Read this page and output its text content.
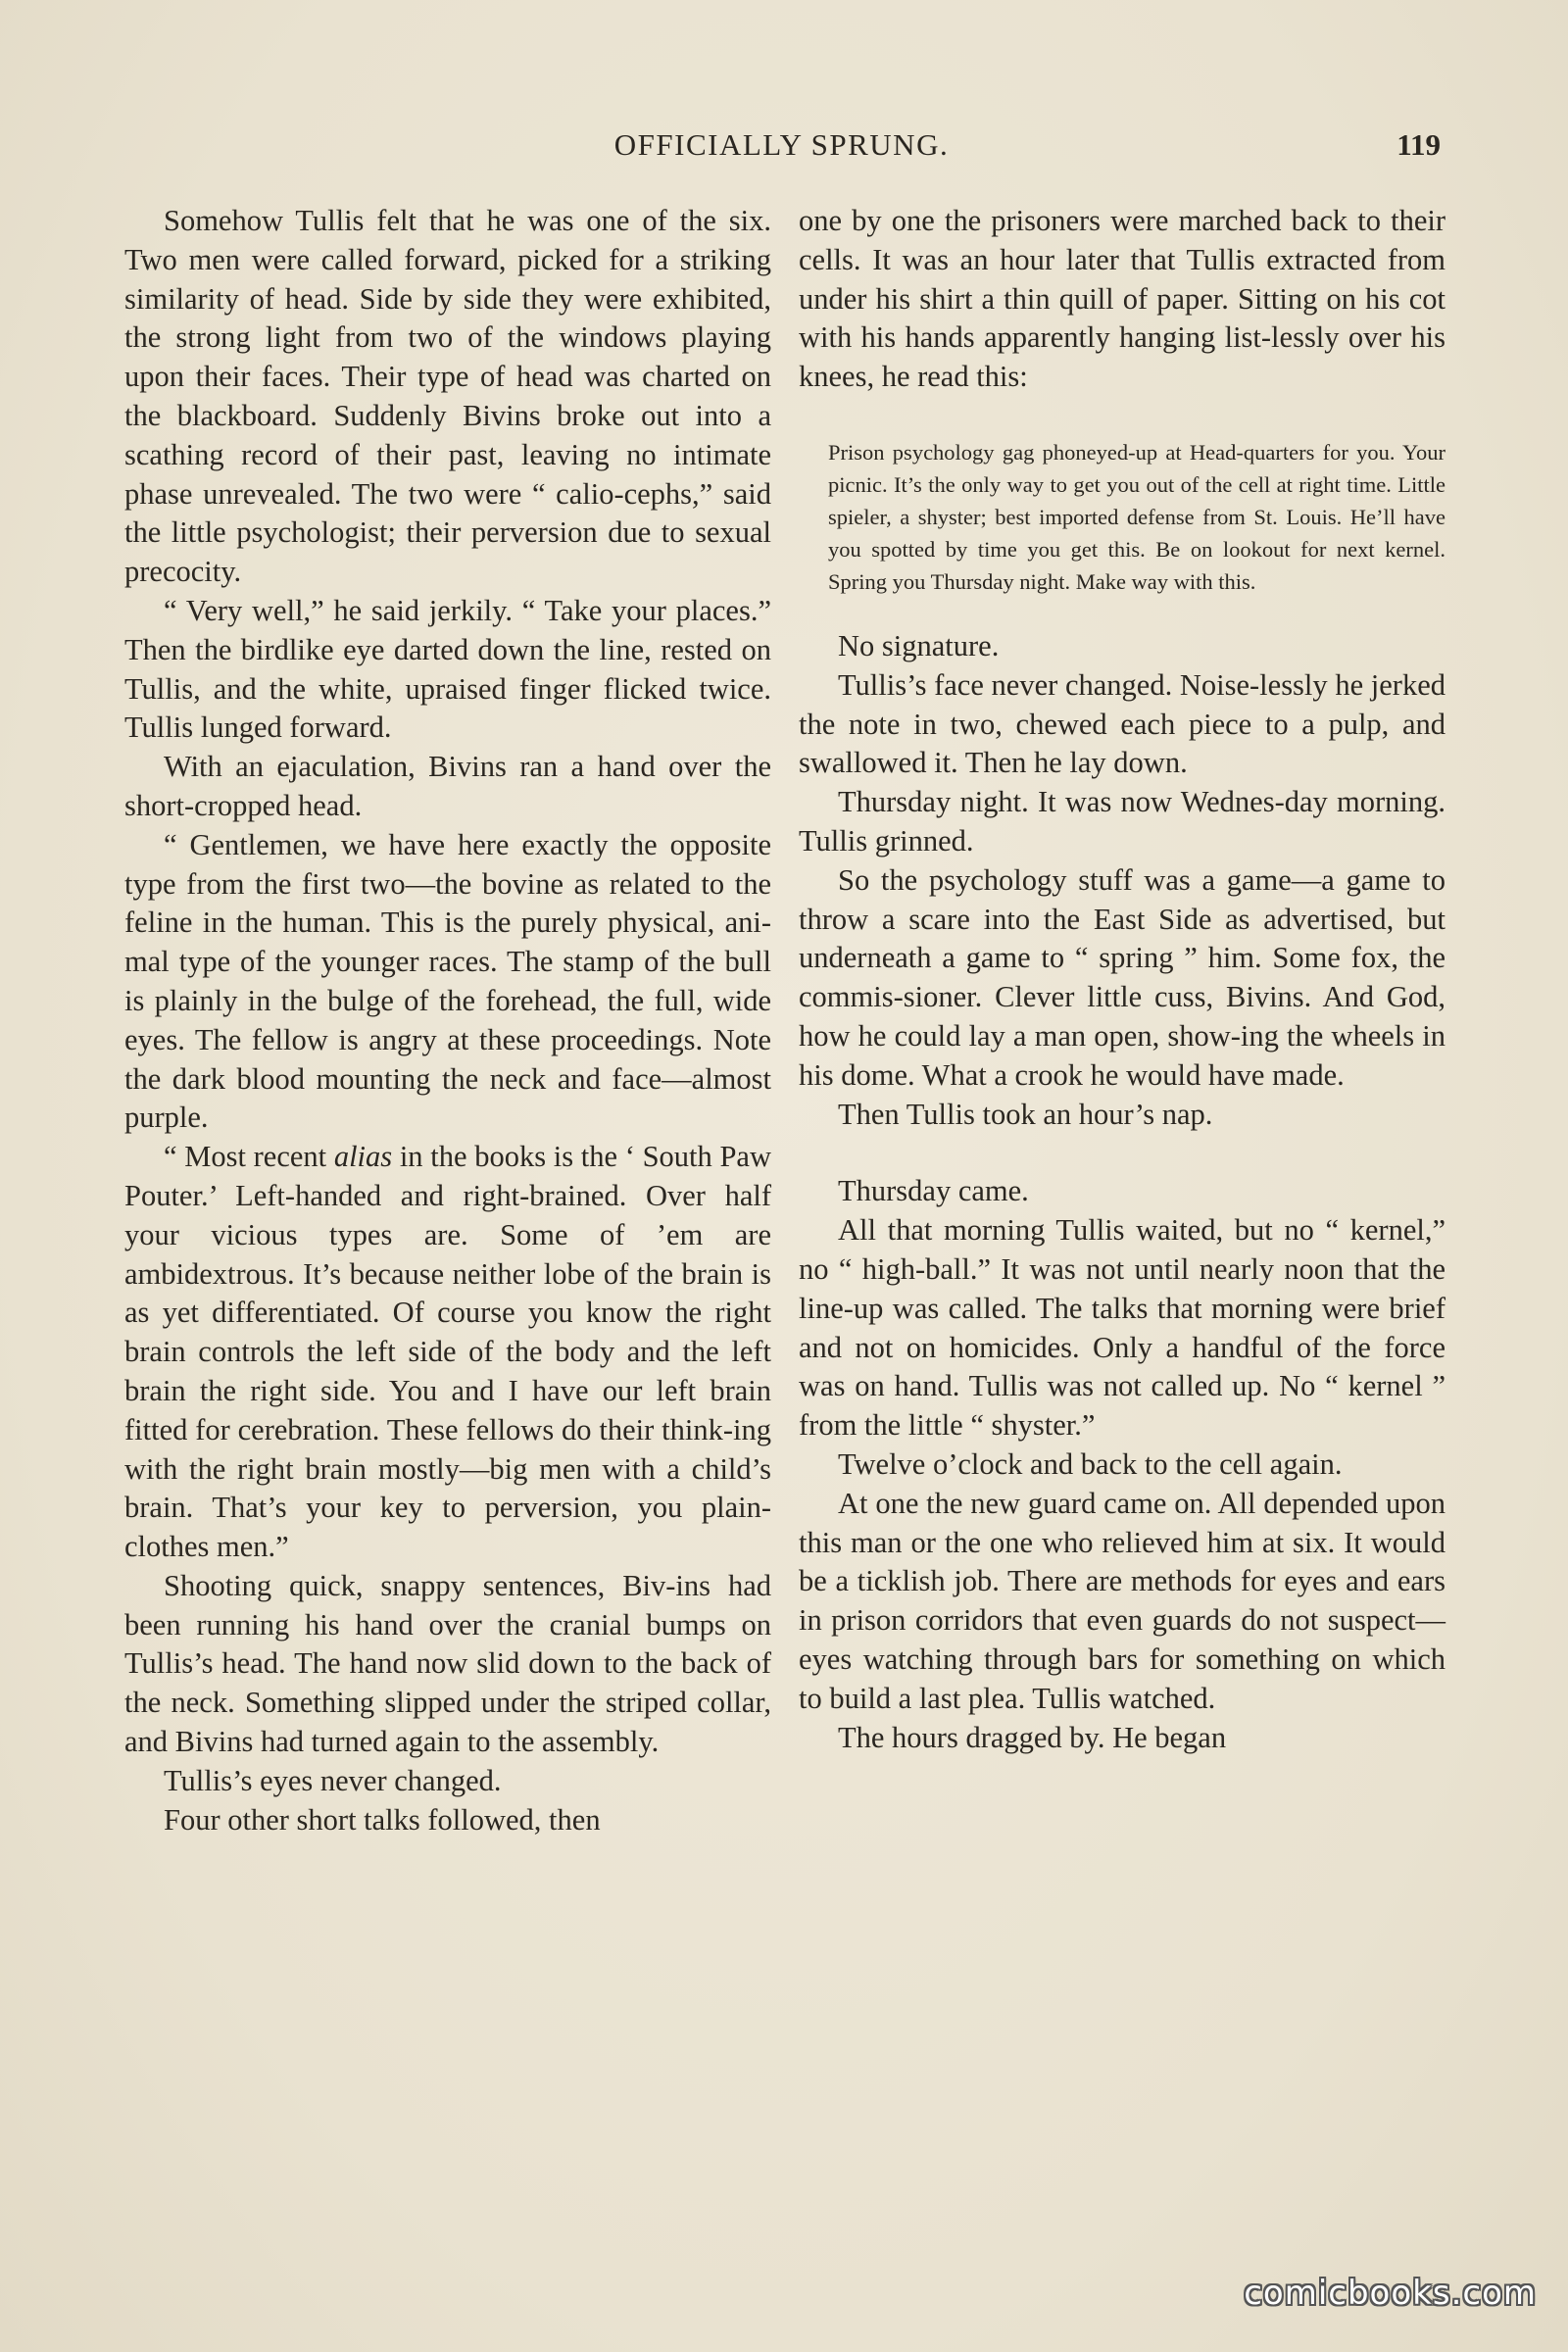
OFFICIALLY SPRUNG.	119

Somehow Tullis felt that he was one of the six. Two men were called forward, picked for a striking similarity of head. Side by side they were exhibited, the strong light from two of the windows playing upon their faces. Their type of head was charted on the blackboard. Suddenly Bivins broke out into a scathing record of their past, leaving no intimate phase unrevealed. The two were “ calio-cephs,” said the little psychologist; their perversion due to sexual precocity.

“ Very well,” he said jerkily. “ Take your places.” Then the birdlike eye darted down the line, rested on Tullis, and the white, upraised finger flicked twice. Tullis lunged forward.

With an ejaculation, Bivins ran a hand over the short-cropped head.

“ Gentlemen, we have here exactly the opposite type from the first two—the bovine as related to the feline in the human. This is the purely physical, ani-mal type of the younger races. The stamp of the bull is plainly in the bulge of the forehead, the full, wide eyes. The fellow is angry at these proceedings. Note the dark blood mounting the neck and face—almost purple.

“ Most recent alias in the books is the ‘ South Paw Pouter.’ Left-handed and right-brained. Over half your vicious types are. Some of ’em are ambidextrous. It’s because neither lobe of the brain is as yet differentiated. Of course you know the right brain controls the left side of the body and the left brain the right side. You and I have our left brain fitted for cerebration. These fellows do their think-ing with the right brain mostly—big men with a child’s brain. That’s your key to perversion, you plain-clothes men.”

Shooting quick, snappy sentences, Biv-ins had been running his hand over the cranial bumps on Tullis’s head. The hand now slid down to the back of the neck. Something slipped under the striped collar, and Bivins had turned again to the assembly.

Tullis’s eyes never changed.

Four other short talks followed, then

one by one the prisoners were marched back to their cells. It was an hour later that Tullis extracted from under his shirt a thin quill of paper. Sitting on his cot with his hands apparently hanging list-lessly over his knees, he read this:

Prison psychology gag phoneyed-up at Head-quarters for you. Your picnic. It’s the only way to get you out of the cell at right time. Little spieler, a shyster; best imported defense from St. Louis. He’ll have you spotted by time you get this. Be on lookout for next kernel. Spring you Thursday night. Make way with this.

No signature.

Tullis’s face never changed. Noise-lessly he jerked the note in two, chewed each piece to a pulp, and swallowed it. Then he lay down.

Thursday night. It was now Wednes-day morning. Tullis grinned.

So the psychology stuff was a game—a game to throw a scare into the East Side as advertised, but underneath a game to “ spring ” him. Some fox, the commis-sioner. Clever little cuss, Bivins. And God, how he could lay a man open, show-ing the wheels in his dome. What a crook he would have made.

Then Tullis took an hour’s nap.

Thursday came.

All that morning Tullis waited, but no “ kernel,” no “ high-ball.” It was not until nearly noon that the line-up was called. The talks that morning were brief and not on homicides. Only a handful of the force was on hand. Tullis was not called up. No “ kernel ” from the little “ shyster.”

Twelve o’clock and back to the cell again.

At one the new guard came on. All depended upon this man or the one who relieved him at six. It would be a ticklish job. There are methods for eyes and ears in prison corridors that even guards do not suspect—eyes watching through bars for something on which to build a last plea. Tullis watched.

The hours dragged by. He began

comicbooks.com
